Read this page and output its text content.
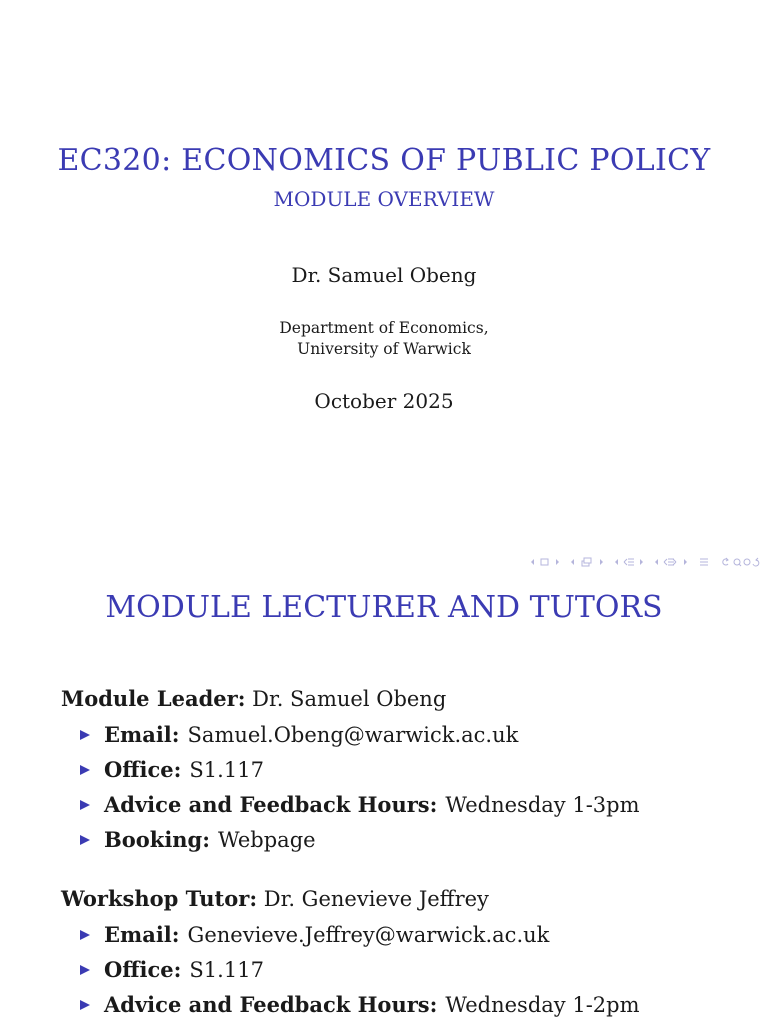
EC320: ECONOMICS OF PUBLIC POLICY
MODULE OVERVIEW
Dr. Samuel Obeng
Department of Economics,
University of Warwick
October 2025
MODULE LECTURER AND TUTORS
Module Leader: Dr. Samuel Obeng
Email: Samuel.Obeng@warwick.ac.uk
Office: S1.117
Advice and Feedback Hours: Wednesday 1-3pm
Booking: Webpage
Workshop Tutor: Dr. Genevieve Jeffrey
Email: Genevieve.Jeffrey@warwick.ac.uk
Office: S1.117
Advice and Feedback Hours: Wednesday 1-2pm
